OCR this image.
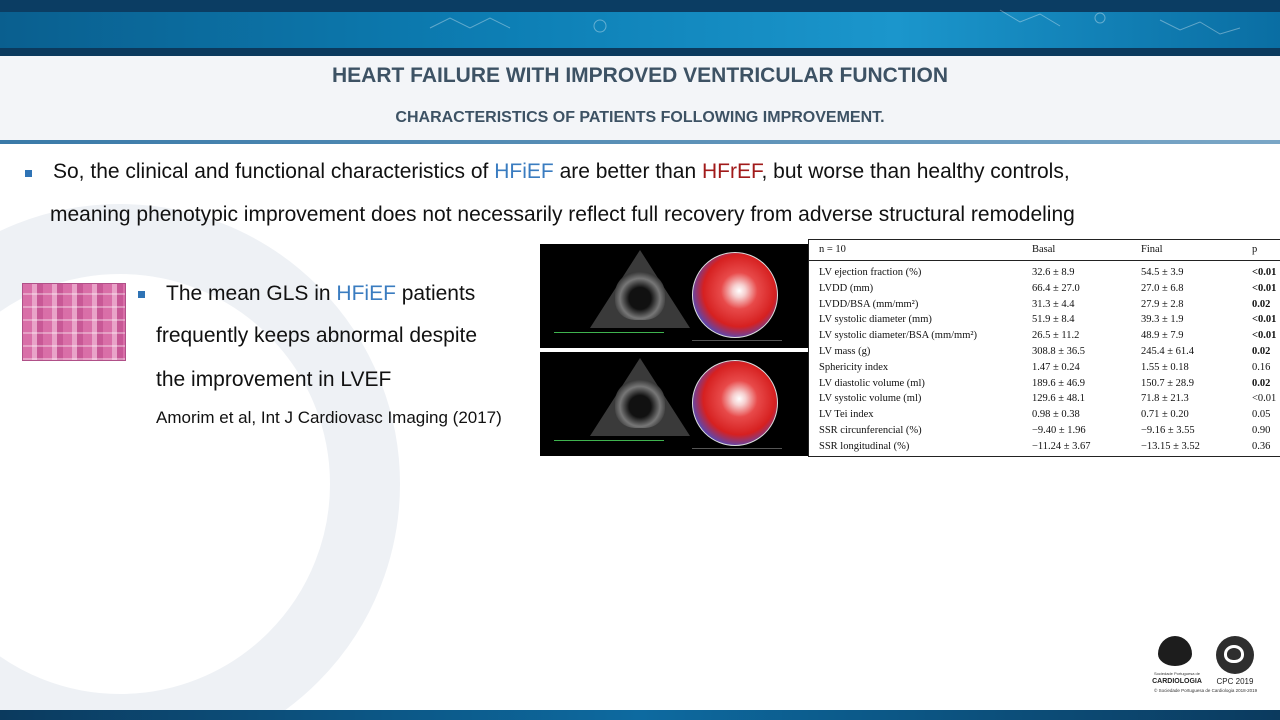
HEART FAILURE WITH IMPROVED VENTRICULAR FUNCTION
CHARACTERISTICS OF PATIENTS FOLLOWING IMPROVEMENT.
So, the clinical and functional characteristics of HFiEF are better than HFrEF, but worse than healthy controls,
meaning phenotypic improvement does not necessarily reflect full recovery from adverse structural remodeling
The mean GLS in HFiEF patients
frequently keeps abnormal despite
the improvement in LVEF
Amorim et al, Int J Cardiovasc Imaging (2017)
n = 10	Basal	Final	p
LV ejection fraction (%)	32.6 ± 8.9	54.5 ± 3.9	<0.01
LVDD (mm)	66.4 ± 27.0	27.0 ± 6.8	<0.01
LVDD/BSA (mm/mm²)	31.3 ± 4.4	27.9 ± 2.8	0.02
LV systolic diameter (mm)	51.9 ± 8.4	39.3 ± 1.9	<0.01
LV systolic diameter/BSA (mm/mm²)	26.5 ± 11.2	48.9 ± 7.9	<0.01
LV mass (g)	308.8 ± 36.5	245.4 ± 61.4	0.02
Sphericity index	1.47 ± 0.24	1.55 ± 0.18	0.16
LV diastolic volume (ml)	189.6 ± 46.9	150.7 ± 28.9	0.02
LV systolic volume (ml)	129.6 ± 48.1	71.8 ± 21.3	<0.01
LV Tei index	0.98 ± 0.38	0.71 ± 0.20	0.05
SSR circunferencial (%)	−9.40 ± 1.96	−9.16 ± 3.55	0.90
SSR longitudinal (%)	−11.24 ± 3.67	−13.15 ± 3.52	0.36
Sociedade Portuguesa de
CARDIOLOGIA	CPC 2019
© Sociedade Portuguesa de Cardiologia 2018-2019
